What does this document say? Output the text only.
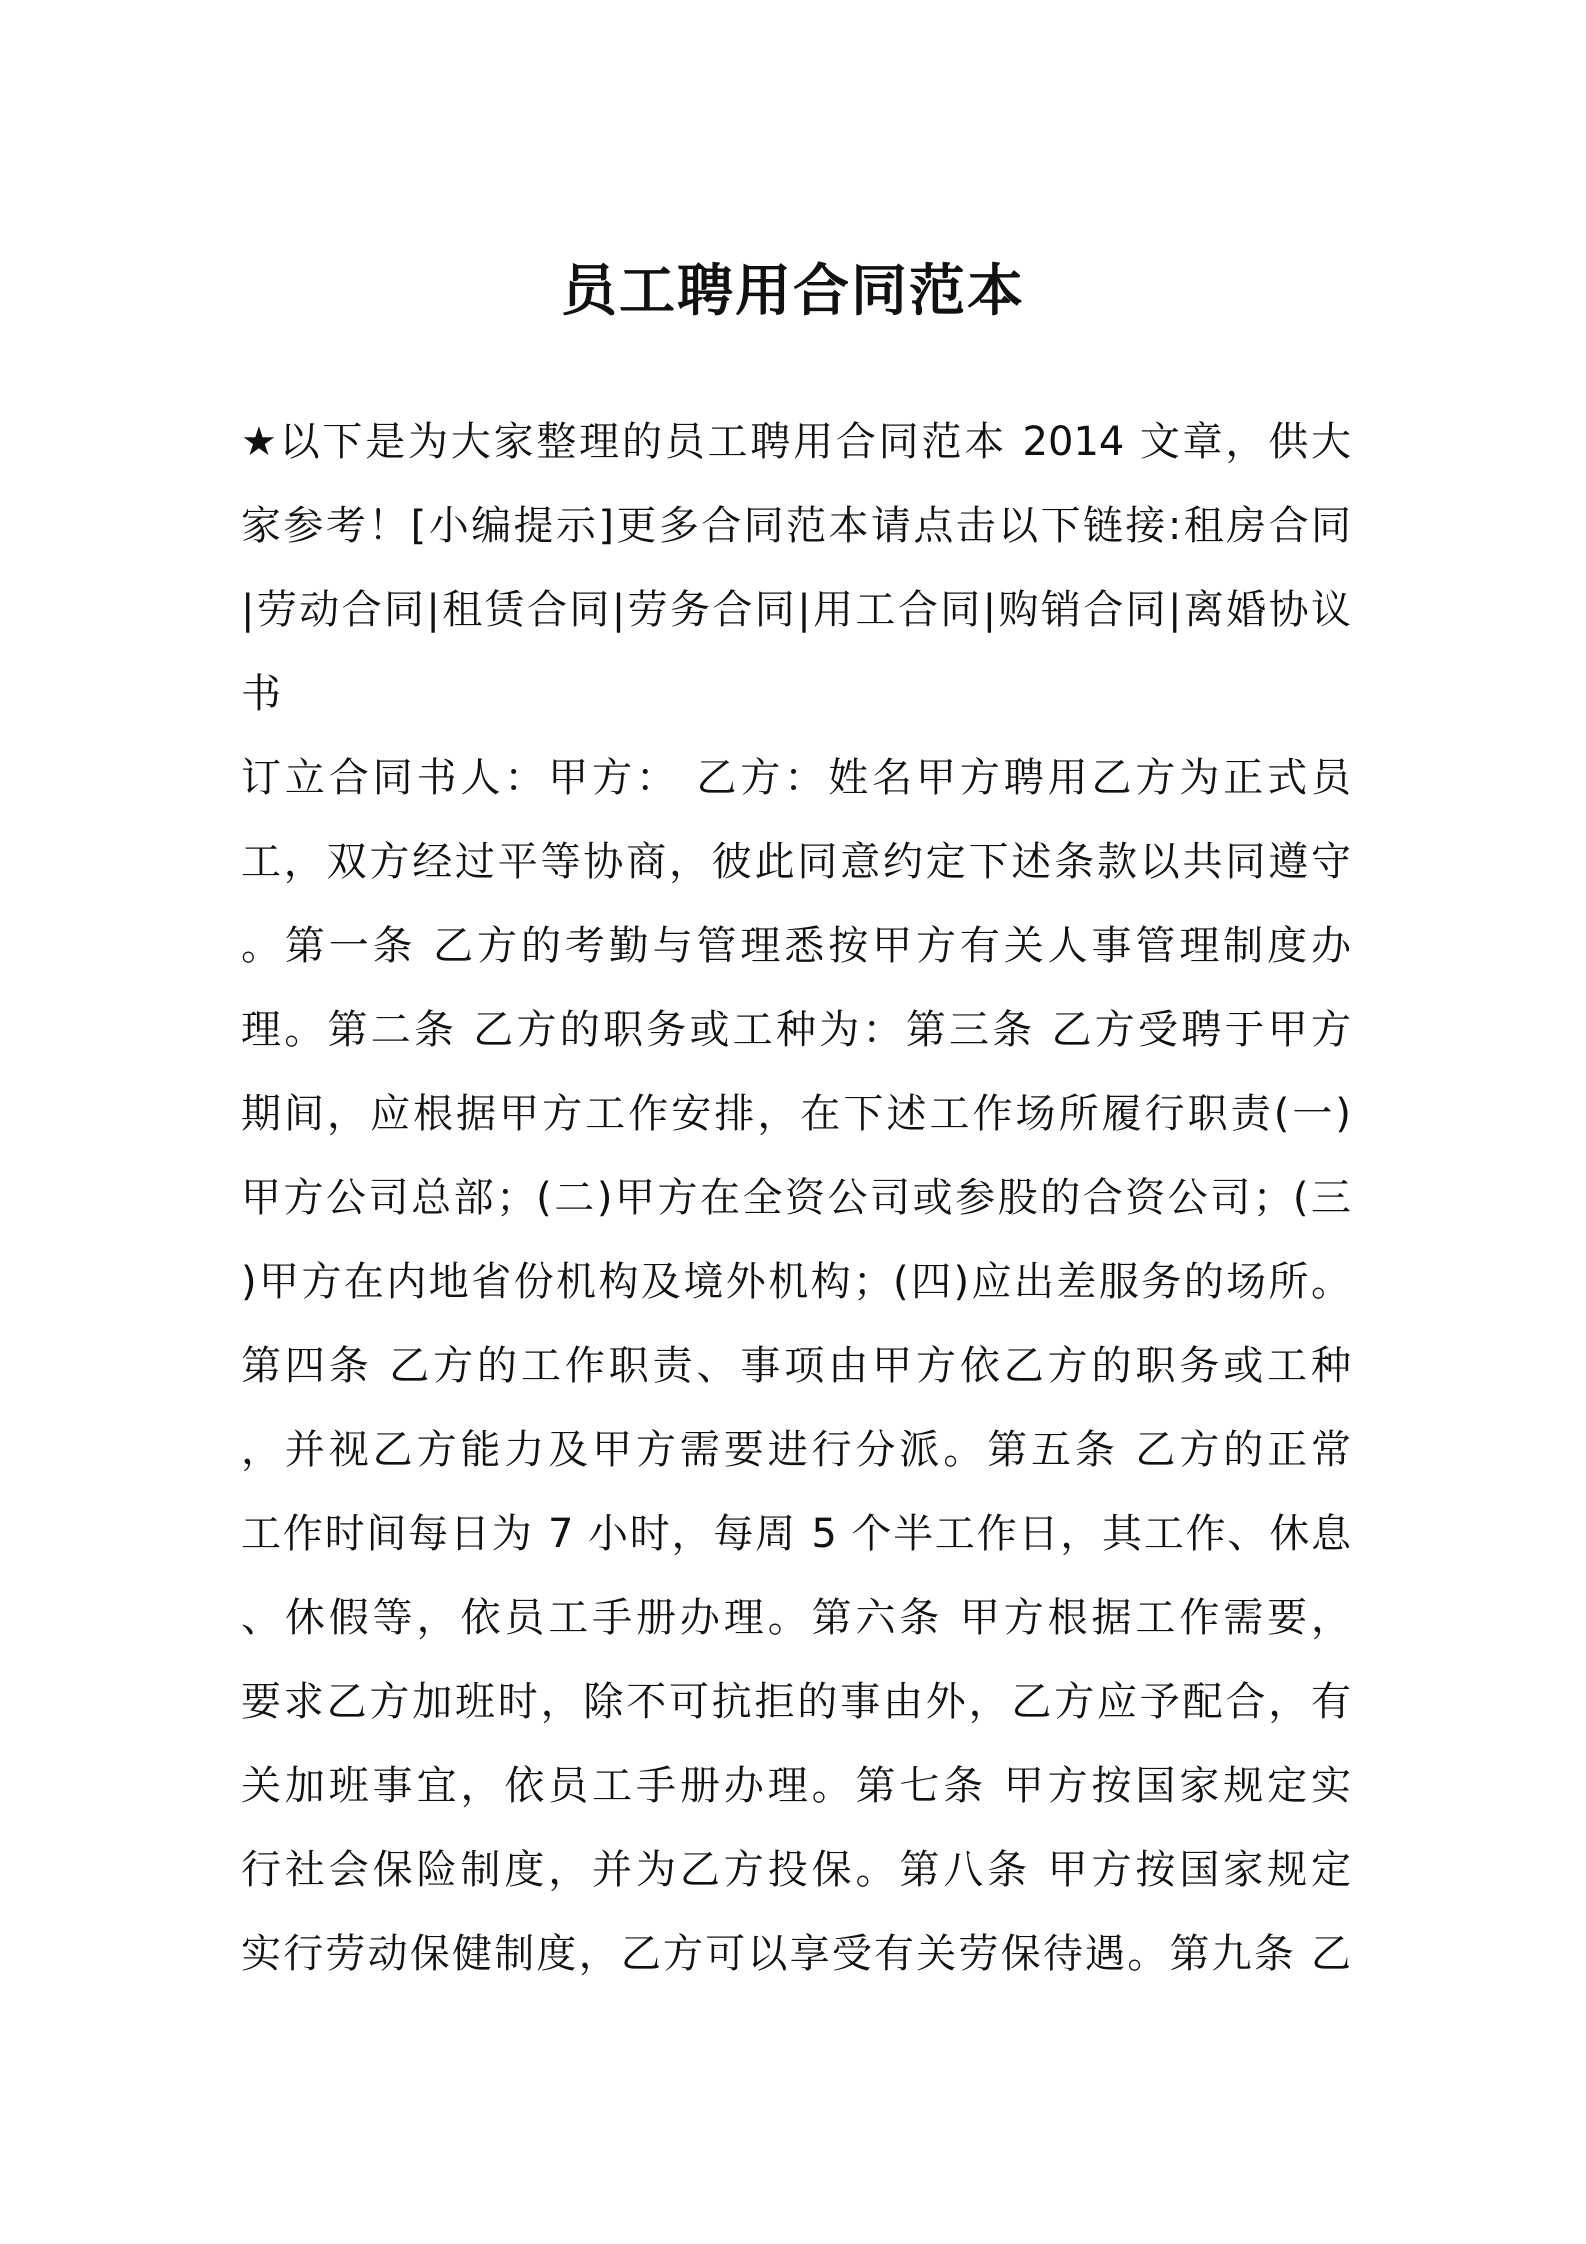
员工聘用合同范本
★以下是为大家整理的员工聘用合同范本 2014 文章，供大
家参考！[小编提示]更多合同范本请点击以下链接:租房合同
|劳动合同|租赁合同|劳务合同|用工合同|购销合同|离婚协议
书
订立合同书人：甲方： 乙方：姓名甲方聘用乙方为正式员
工，双方经过平等协商，彼此同意约定下述条款以共同遵守
。第一条 乙方的考勤与管理悉按甲方有关人事管理制度办
理。第二条 乙方的职务或工种为：第三条 乙方受聘于甲方
期间，应根据甲方工作安排，在下述工作场所履行职责(一)
甲方公司总部；(二)甲方在全资公司或参股的合资公司；(三
)甲方在内地省份机构及境外机构；(四)应出差服务的场所。
第四条 乙方的工作职责、事项由甲方依乙方的职务或工种
，并视乙方能力及甲方需要进行分派。第五条 乙方的正常
工作时间每日为 7 小时，每周 5 个半工作日，其工作、休息
、休假等，依员工手册办理。第六条 甲方根据工作需要，
要求乙方加班时，除不可抗拒的事由外，乙方应予配合，有
关加班事宜，依员工手册办理。第七条 甲方按国家规定实
行社会保险制度，并为乙方投保。第八条 甲方按国家规定
实行劳动保健制度，乙方可以享受有关劳保待遇。第九条 乙
